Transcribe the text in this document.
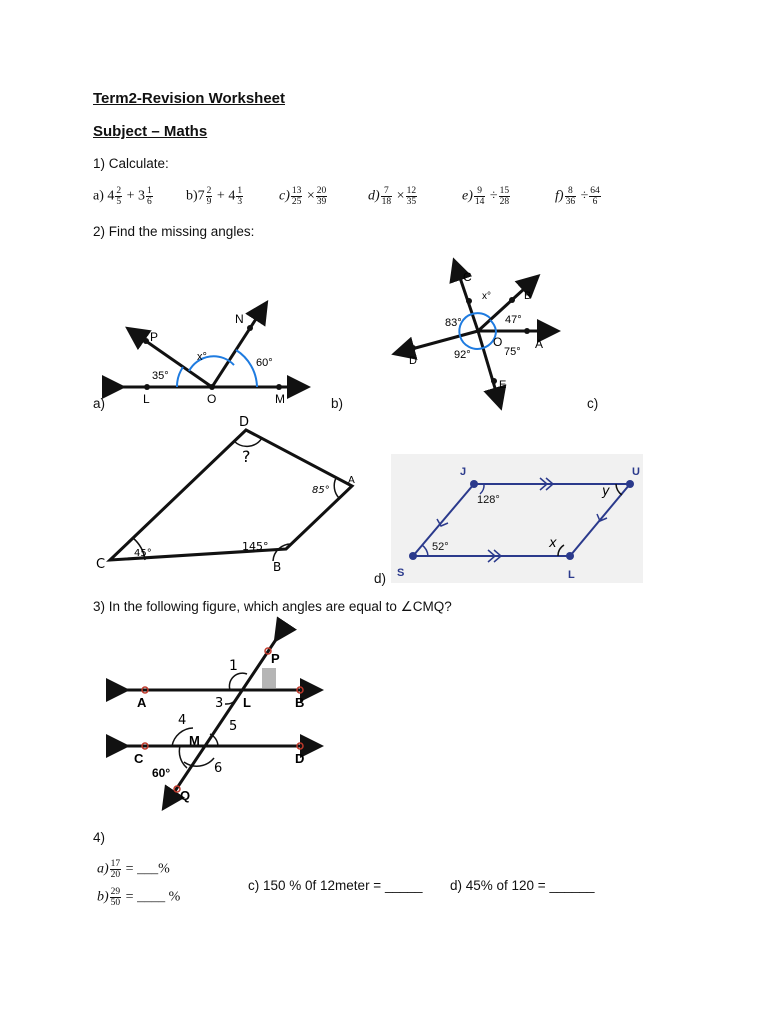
Term2-Revision Worksheet
Subject – Maths
1) Calculate:
a) $4 \frac{2}{5} + 3 \frac{1}{6} b)7 \frac{2}{9} + 4 \frac{1}{3}$	$c) \frac{13}{25} \times \frac{20}{39}$	$d) \frac{7}{18} \times \frac{12}{35}$	$e) \frac{9}{14} \div \frac{15}{28}$	$f) \frac{8}{36} \div \frac{64}{6}$
2) Find the missing angles:
a)	b)	c)
d)
P
N
L	O	M
x°
35°
60°
C
B
A
D
E
O
x°
83°	47°
92°	75°
D
A
B
C
?
85°
145°
45°
J	U
S	L
128°
52°
y
x
3) In the following figure, which angles are equal to ∠CMQ?
A	B
C	D
P
Q
L
M
1
3
4	5
6
60°
4)
$a) \frac{17}{20}$ = ___%
$b) \frac{29}{50}$ = ____ %
c) 150 % 0f 12meter = _____ d) 45% of 120 = ______
